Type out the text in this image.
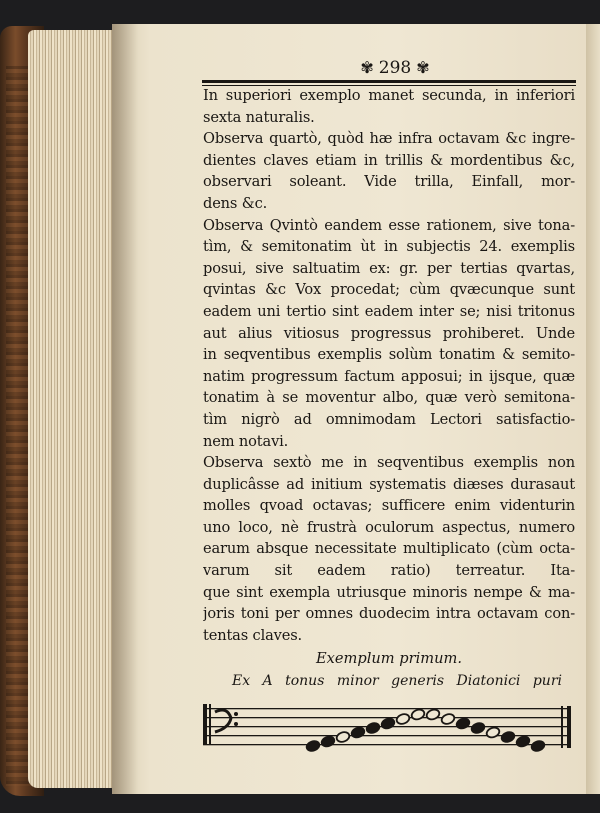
✾ 298 ✾
In superiori exemplo manet secunda, in inferiori
sexta naturalis.
Observa quartò, quòd hæ infra octavam &c ingre-
dientes claves etiam in trillis & mordentibus &c,
observari soleant. Vide trilla, Einfall, mor-
dens &c.
Observa Qvintò eandem esse rationem, sive tona-
tìm, & semitonatim ùt in subjectis 24. exemplis
posui, sive saltuatim ex: gr. per tertias qvartas,
qvintas &c Vox procedat; cùm qvæcunque sunt
eadem uni tertio sint eadem inter se; nisi tritonus
aut alius vitiosus progressus prohiberet. Unde
in seqventibus exemplis solùm tonatim & semito-
natim progressum factum apposui; in ijsque, quæ
tonatim à se moventur albo, quæ verò semitona-
tìm nigrò ad omnimodam Lectori satisfactio-
nem notavi.
Observa sextò me in seqventibus exemplis non
duplicâsse ad initium systematis diæses durasaut
molles qvoad octavas; sufficere enim videnturin
uno loco, nè frustrà oculorum aspectus, numero
earum absque necessitate multiplicato (cùm octa-
varum sit eadem ratio) terreatur. Ita-
que sint exempla utriusque minoris nempe & ma-
joris toni per omnes duodecim intra octavam con-
tentas claves.
Exemplum primum.
Ex A tonus minor generis Diatonici puri
